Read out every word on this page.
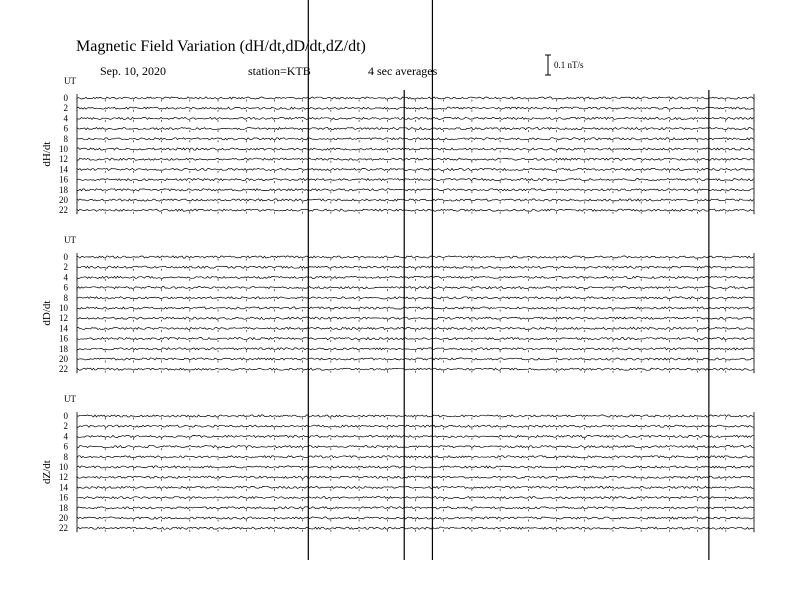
Magnetic Field Variation (dH/dt,dD/dt,dZ/dt)
Sep. 10, 2020	station=KTB	4 sec averages	0.1 nT/s
UT
dH/dt
0
2
4
6
8
10
12
14
16
18
20
22
UT
dD/dt
0
2
4
6
8
10
12
14
16
18
20
22
UT
dZ/dt
0
2
4
6
8
10
12
14
16
18
20
22
